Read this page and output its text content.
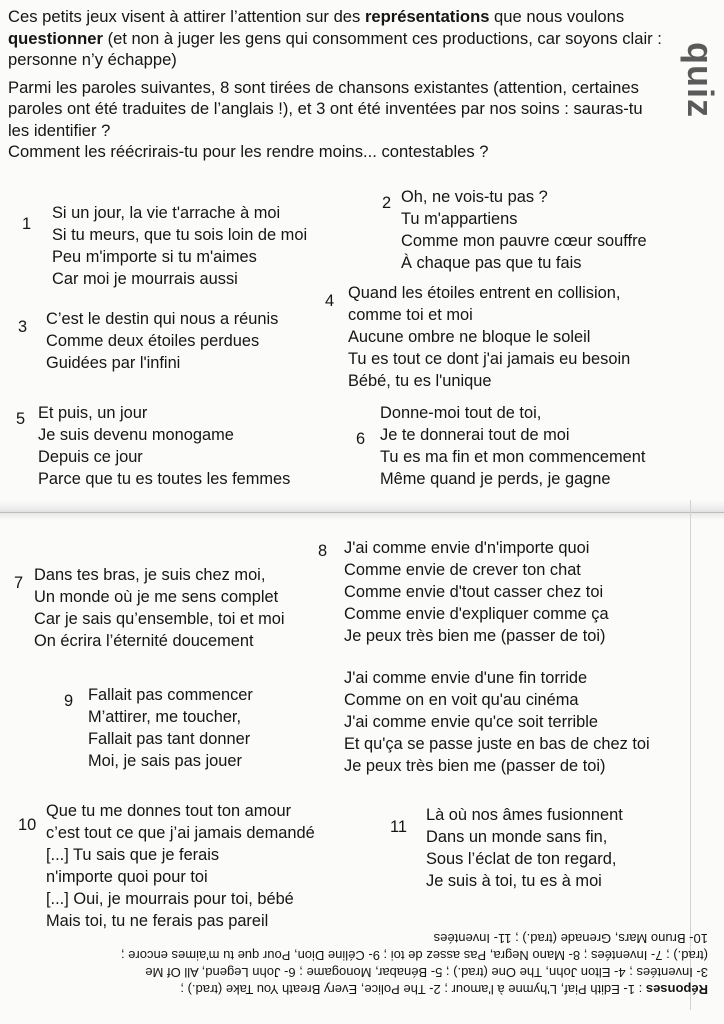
Ces petits jeux visent à attirer l’attention sur des représentations que nous voulons questionner (et non à juger les gens qui consomment ces productions, car soyons clair : personne n’y échappe)

Parmi les paroles suivantes, 8 sont tirées de chansons existantes (attention, certaines paroles ont été traduites de l’anglais !), et 3 ont été inventées par nos soins : sauras-tu les identifier ?

Comment les réécrirais-tu pour les rendre moins... contestables ?

quiz
1
Si un jour, la vie t'arrache à moi
Si tu meurs, que tu sois loin de moi
Peu m'importe si tu m'aimes
Car moi je mourrais aussi
2 Oh, ne vois-tu pas ?
Tu m'appartiens
Comme mon pauvre cœur souffre
À chaque pas que tu fais
3 C’est le destin qui nous a réunis
Comme deux étoiles perdues
Guidées par l'infini
4 Quand les étoiles entrent en collision,
comme toi et moi
Aucune ombre ne bloque le soleil
Tu es tout ce dont j'ai jamais eu besoin
Bébé, tu es l'unique
5 Et puis, un jour
Je suis devenu monogame
Depuis ce jour
Parce que tu es toutes les femmes
6
Donne-moi tout de toi,
Je te donnerai tout de moi
Tu es ma fin et mon commencement
Même quand je perds, je gagne
7 Dans tes bras, je suis chez moi,
Un monde où je me sens complet
Car je sais qu’ensemble, toi et moi
On écrira l’éternité doucement
8 J'ai comme envie d'n'importe quoi
Comme envie de crever ton chat
Comme envie d'tout casser chez toi
Comme envie d'expliquer comme ça
Je peux très bien me (passer de toi)
J'ai comme envie d'une fin torride
Comme on en voit qu'au cinéma
J'ai comme envie qu'ce soit terrible
Et qu'ça se passe juste en bas de chez toi
Je peux très bien me (passer de toi)
9 Fallait pas commencer
M’attirer, me toucher,
Fallait pas tant donner
Moi, je sais pas jouer
10
Que tu me donnes tout ton amour
c’est tout ce que j’ai jamais demandé
[...] Tu sais que je ferais
n'importe quoi pour toi
[...] Oui, je mourrais pour toi, bébé
Mais toi, tu ne ferais pas pareil
11
Là où nos âmes fusionnent
Dans un monde sans fin,
Sous l’éclat de ton regard,
Je suis à toi, tu es à moi
Réponses : 1- Edith Piaf, L'hymne à l'amour ; 2- The Police, Every Breath You Take (trad.) ;
3- Inventées ; 4- Elton John, The One (trad.) ; 5- Bénabar, Monogame ; 6- John Legend, All Of Me
(trad.) ; 7- Inventées ; 8- Mano Negra, Pas assez de toi ; 9- Céline Dion, Pour que tu m'aimes encore ;
10- Bruno Mars, Grenade (trad.) ; 11- Inventées
